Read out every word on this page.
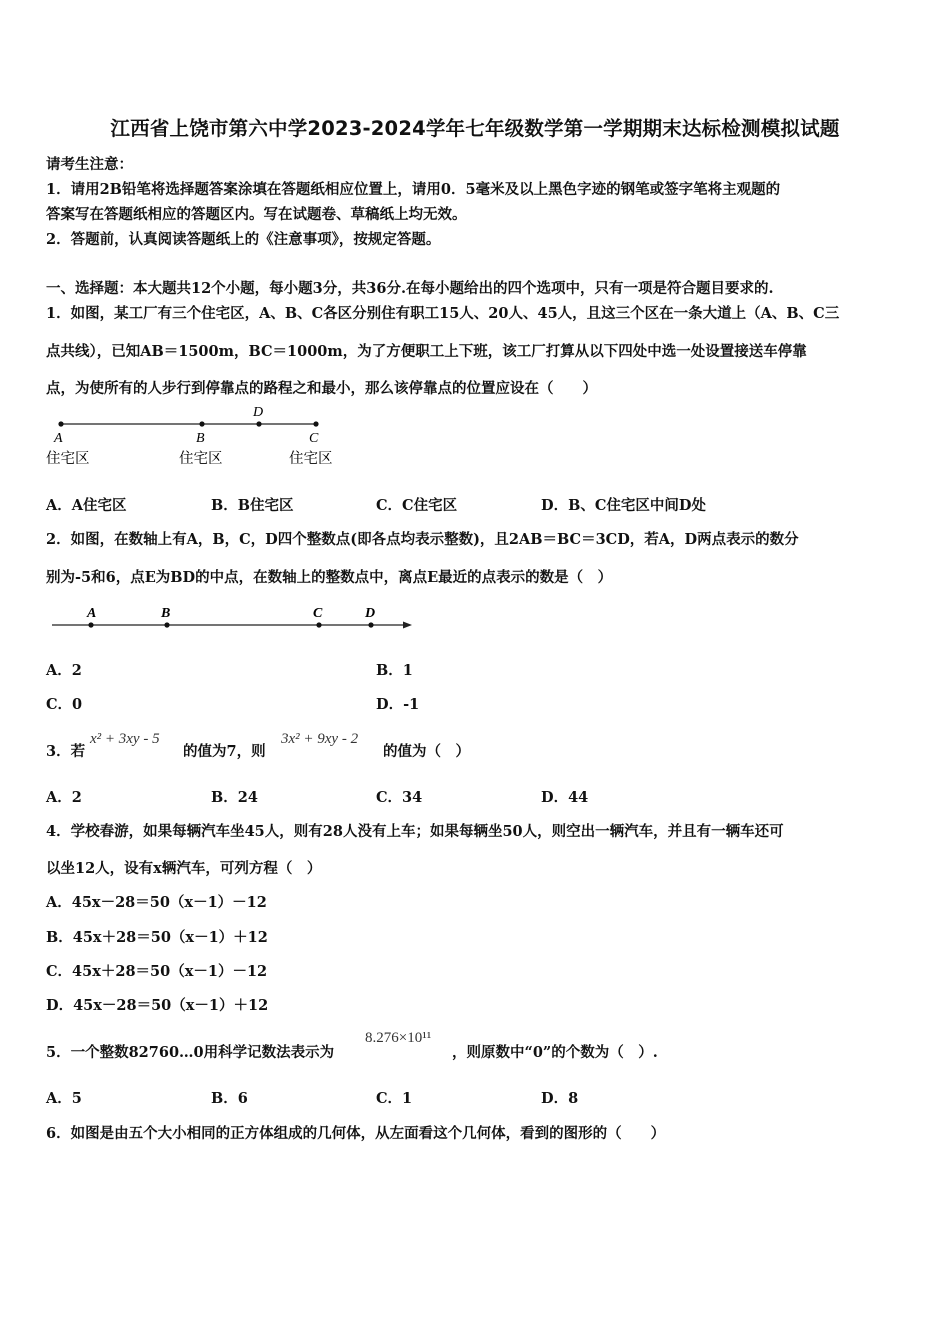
江西省上饶市第六中学2023-2024学年七年级数学第一学期期末达标检测模拟试题
请考生注意：
1．请用2B铅笔将选择题答案涂填在答题纸相应位置上，请用0．5毫米及以上黑色字迹的钢笔或签字笔将主观题的
答案写在答题纸相应的答题区内。写在试题卷、草稿纸上均无效。
2．答题前，认真阅读答题纸上的《注意事项》，按规定答题。
一、选择题：本大题共12个小题，每小题3分，共36分.在每小题给出的四个选项中，只有一项是符合题目要求的.
1．如图，某工厂有三个住宅区，A、B、C各区分别住有职工15人、20人、45人，且这三个区在一条大道上（A、B、C三
点共线），已知AB＝1500m，BC＝1000m，为了方便职工上下班，该工厂打算从以下四处中选一处设置接送车停靠
点，为使所有的人步行到停靠点的路程之和最小，那么该停靠点的位置应设在（　　）
A	B
D
C
住宅区	住宅区	住宅区
A．A住宅区	B．B住宅区	C．C住宅区	D．B、C住宅区中间D处
2．如图，在数轴上有A，B，C，D四个整数点(即各点均表示整数)，且2AB＝BC＝3CD，若A，D两点表示的数分
别为-5和6，点E为BD的中点，在数轴上的整数点中，离点E最近的点表示的数是（　）
A	B	C	D
A．2	B．1
C．0	D．-1
3．若
x² + 3xy - 5
的值为7，则
3x² + 9xy - 2
的值为（　）
A．2	B．24	C．34	D．44
4．学校春游，如果每辆汽车坐45人，则有28人没有上车；如果每辆坐50人，则空出一辆汽车，并且有一辆车还可
以坐12人，设有x辆汽车，可列方程（　）
A．45x－28＝50（x－1）－12
B．45x＋28＝50（x－1）＋12
C．45x＋28＝50（x－1）－12
D．45x－28＝50（x－1）＋12
5．一个整数82760…0用科学记数法表示为
8.276×10¹¹
，则原数中“0”的个数为（　）.
A．5	B．6	C．1	D．8
6．如图是由五个大小相同的正方体组成的几何体，从左面看这个几何体，看到的图形的（　　）
